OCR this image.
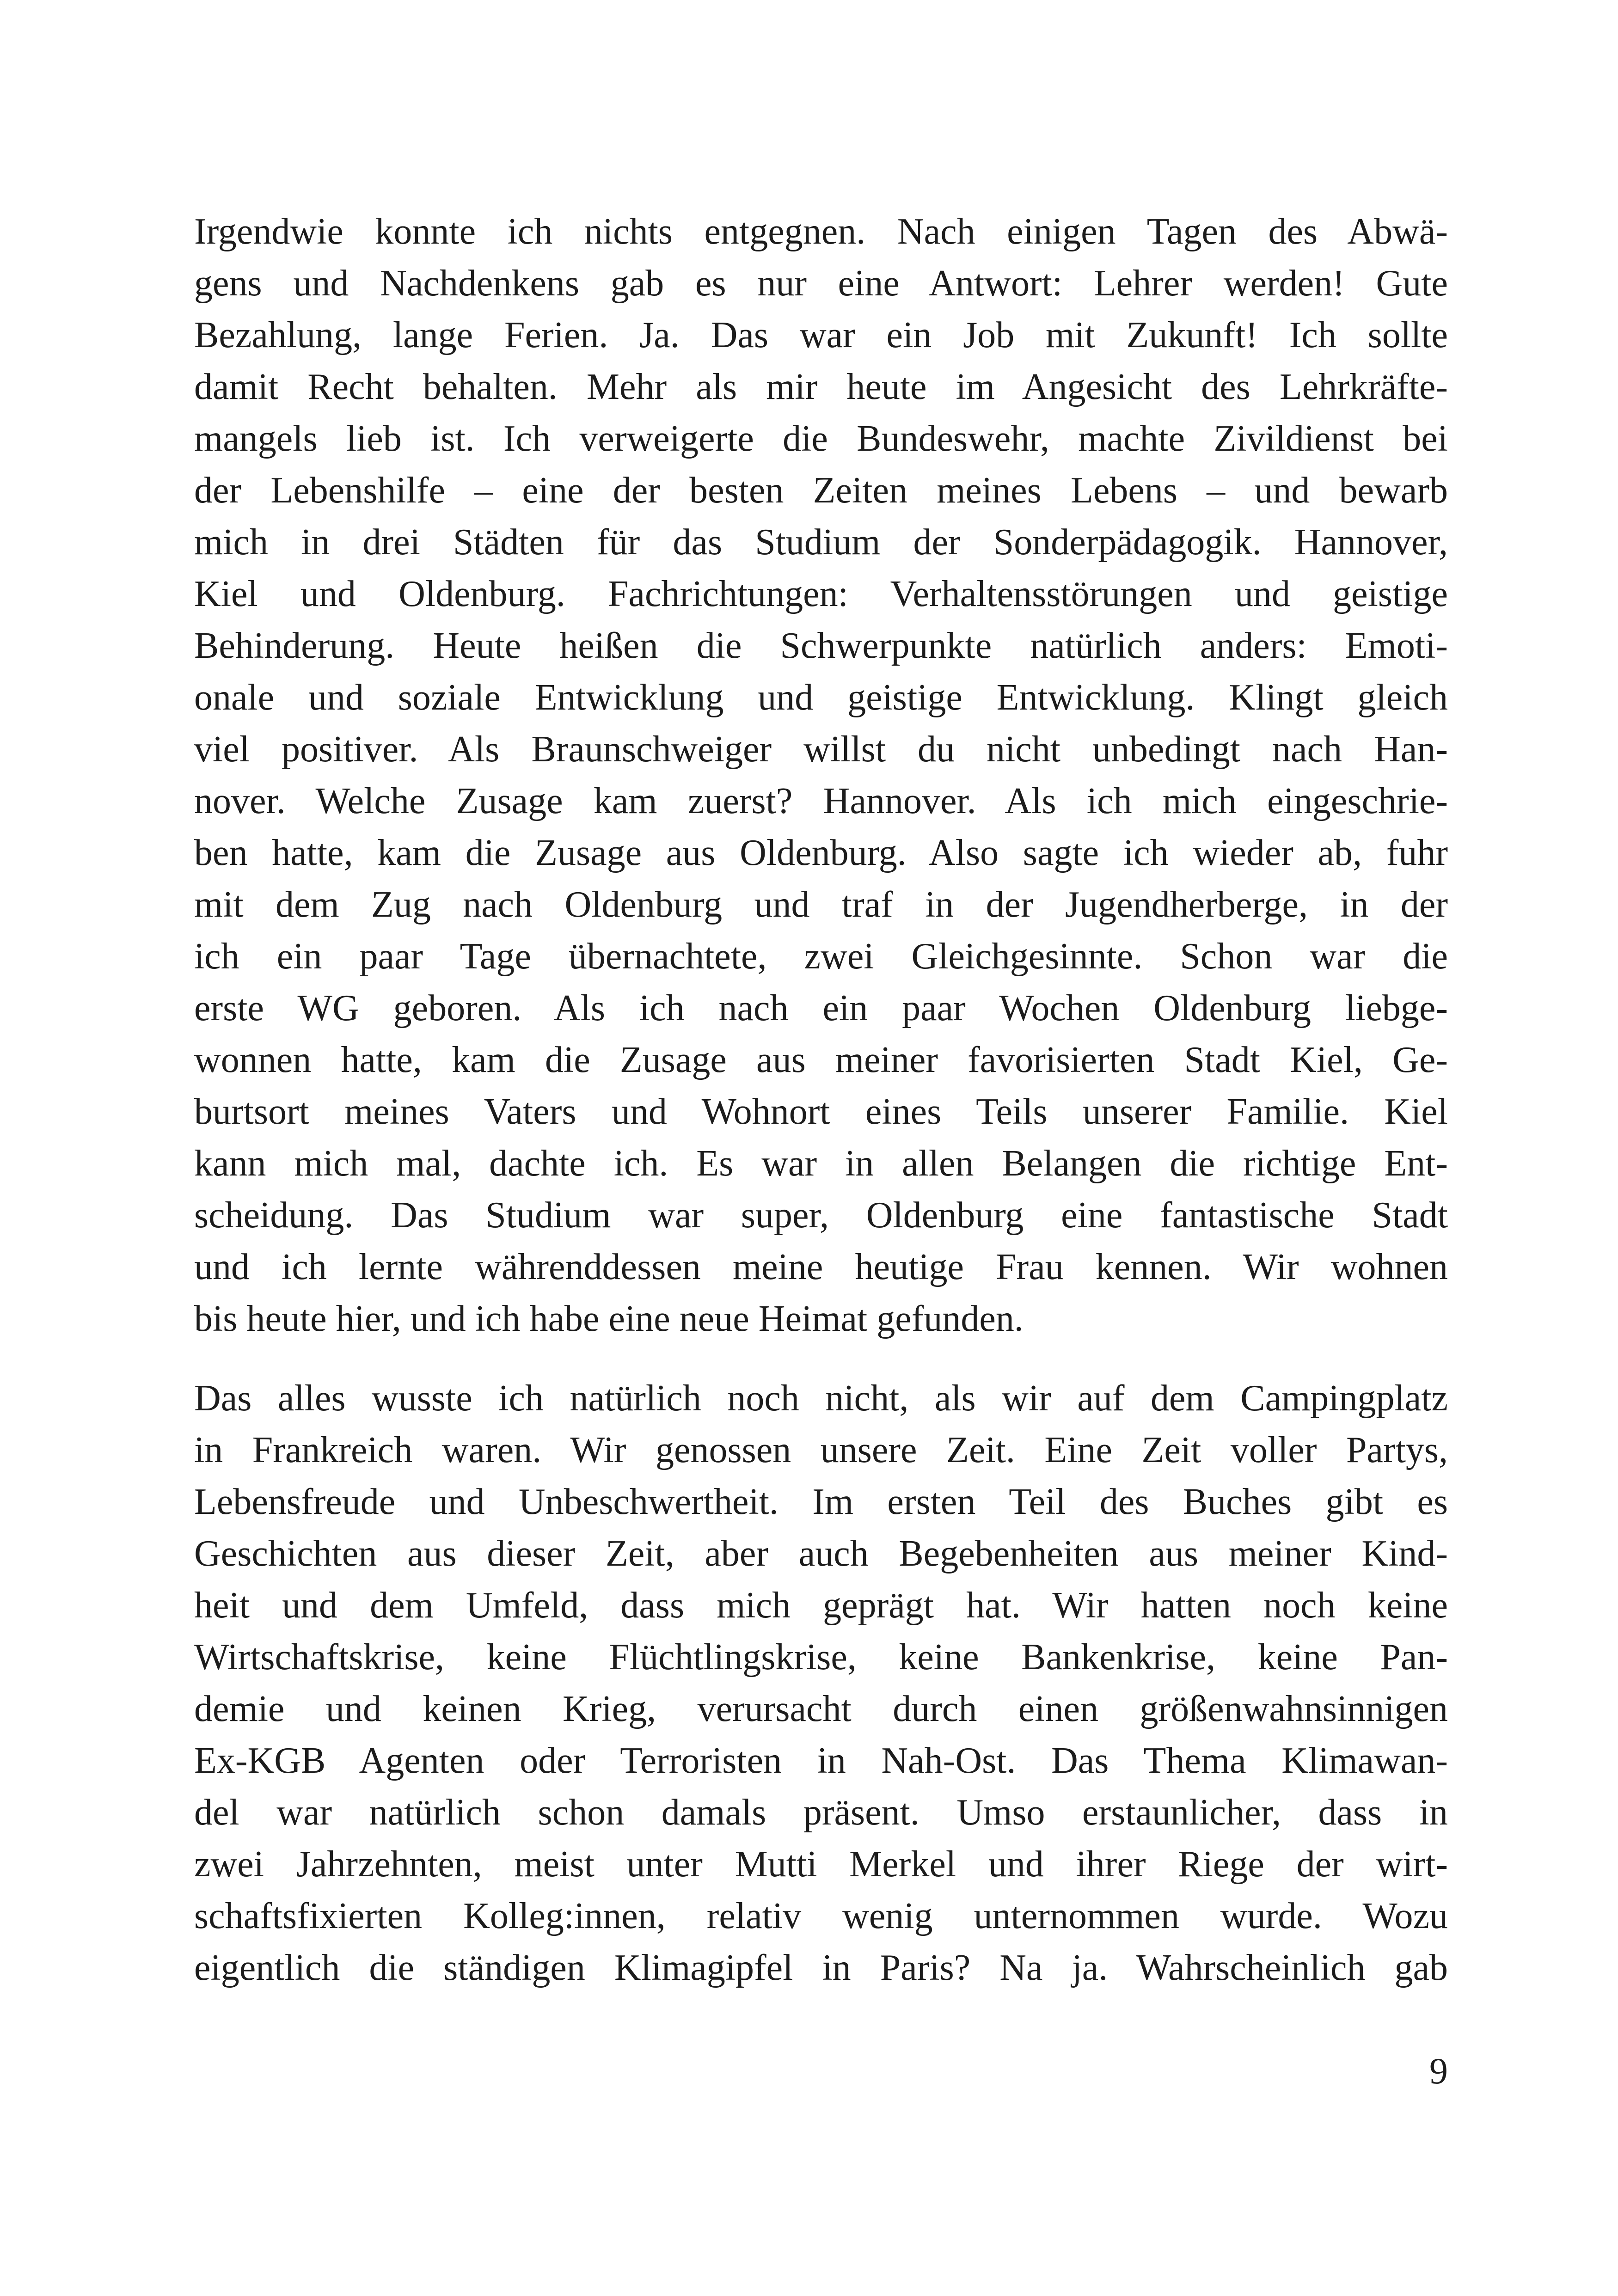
Irgendwie konnte ich nichts entgegnen. Nach einigen Tagen des Abwä-
gens und Nachdenkens gab es nur eine Antwort: Lehrer werden! Gute
Bezahlung, lange Ferien. Ja. Das war ein Job mit Zukunft! Ich sollte
damit Recht behalten. Mehr als mir heute im Angesicht des Lehrkräfte-
mangels lieb ist. Ich verweigerte die Bundeswehr, machte Zivildienst bei
der Lebenshilfe – eine der besten Zeiten meines Lebens – und bewarb
mich in drei Städten für das Studium der Sonderpädagogik. Hannover,
Kiel und Oldenburg. Fachrichtungen: Verhaltensstörungen und geistige
Behinderung. Heute heißen die Schwerpunkte natürlich anders: Emoti-
onale und soziale Entwicklung und geistige Entwicklung. Klingt gleich
viel positiver. Als Braunschweiger willst du nicht unbedingt nach Han-
nover. Welche Zusage kam zuerst? Hannover. Als ich mich eingeschrie-
ben hatte, kam die Zusage aus Oldenburg. Also sagte ich wieder ab, fuhr
mit dem Zug nach Oldenburg und traf in der Jugendherberge, in der
ich ein paar Tage übernachtete, zwei Gleichgesinnte. Schon war die
erste WG geboren. Als ich nach ein paar Wochen Oldenburg liebge-
wonnen hatte, kam die Zusage aus meiner favorisierten Stadt Kiel, Ge-
burtsort meines Vaters und Wohnort eines Teils unserer Familie. Kiel
kann mich mal, dachte ich. Es war in allen Belangen die richtige Ent-
scheidung. Das Studium war super, Oldenburg eine fantastische Stadt
und ich lernte währenddessen meine heutige Frau kennen. Wir wohnen
bis heute hier, und ich habe eine neue Heimat gefunden.

Das alles wusste ich natürlich noch nicht, als wir auf dem Campingplatz
in Frankreich waren. Wir genossen unsere Zeit. Eine Zeit voller Partys,
Lebensfreude und Unbeschwertheit. Im ersten Teil des Buches gibt es
Geschichten aus dieser Zeit, aber auch Begebenheiten aus meiner Kind-
heit und dem Umfeld, dass mich geprägt hat. Wir hatten noch keine
Wirtschaftskrise, keine Flüchtlingskrise, keine Bankenkrise, keine Pan-
demie und keinen Krieg, verursacht durch einen größenwahnsinnigen
Ex-KGB Agenten oder Terroristen in Nah-Ost. Das Thema Klimawan-
del war natürlich schon damals präsent. Umso erstaunlicher, dass in
zwei Jahrzehnten, meist unter Mutti Merkel und ihrer Riege der wirt-
schaftsfixierten Kolleg:innen, relativ wenig unternommen wurde. Wozu
eigentlich die ständigen Klimagipfel in Paris? Na ja. Wahrscheinlich gab

9
